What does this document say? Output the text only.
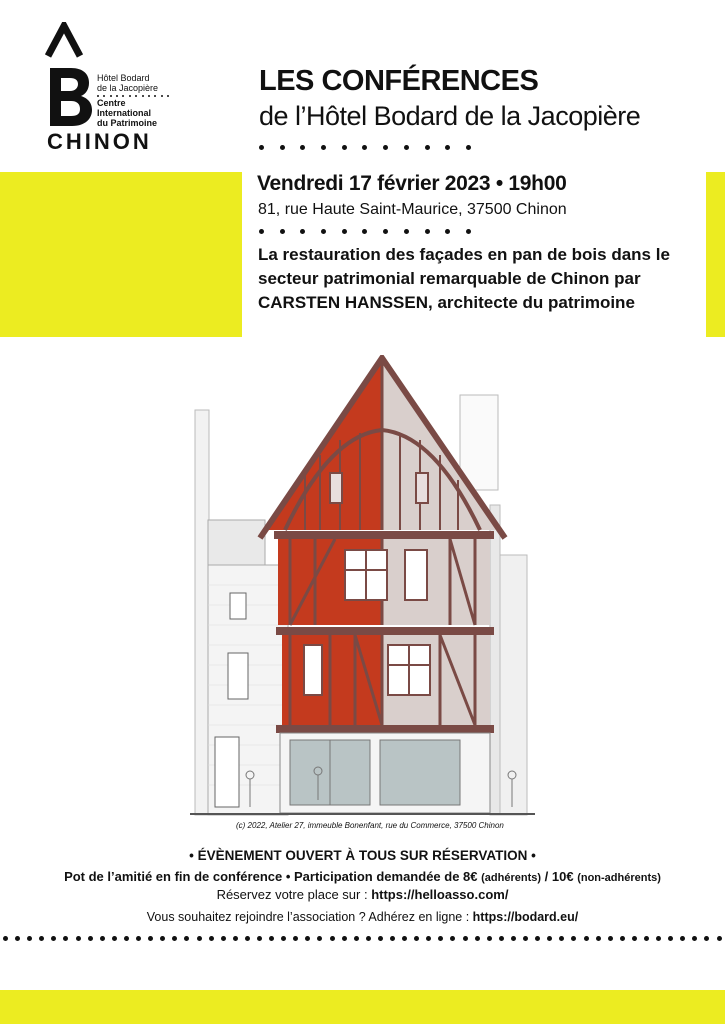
Hôtel Bodard
de la Jacopière
Centre
International
du Patrimoine
CHINON
LES CONFÉRENCES
de l’Hôtel Bodard de la Jacopière
Vendredi 17 février 2023 • 19h00
81, rue Haute Saint-Maurice, 37500 Chinon
La restauration des façades en pan de bois dans le secteur patrimonial remarquable de Chinon par CARSTEN HANSSEN, architecte du patrimoine
(c) 2022, Atelier 27, immeuble Bonenfant, rue du Commerce, 37500 Chinon
• ÉVÈNEMENT OUVERT À TOUS SUR RÉSERVATION •
Pot de l’amitié en fin de conférence • Participation demandée de 8€ (adhérents) / 10€ (non-adhérents)
Réservez votre place sur : https://helloasso.com/
Vous souhaitez rejoindre l’association ? Adhérez en ligne : https://bodard.eu/
